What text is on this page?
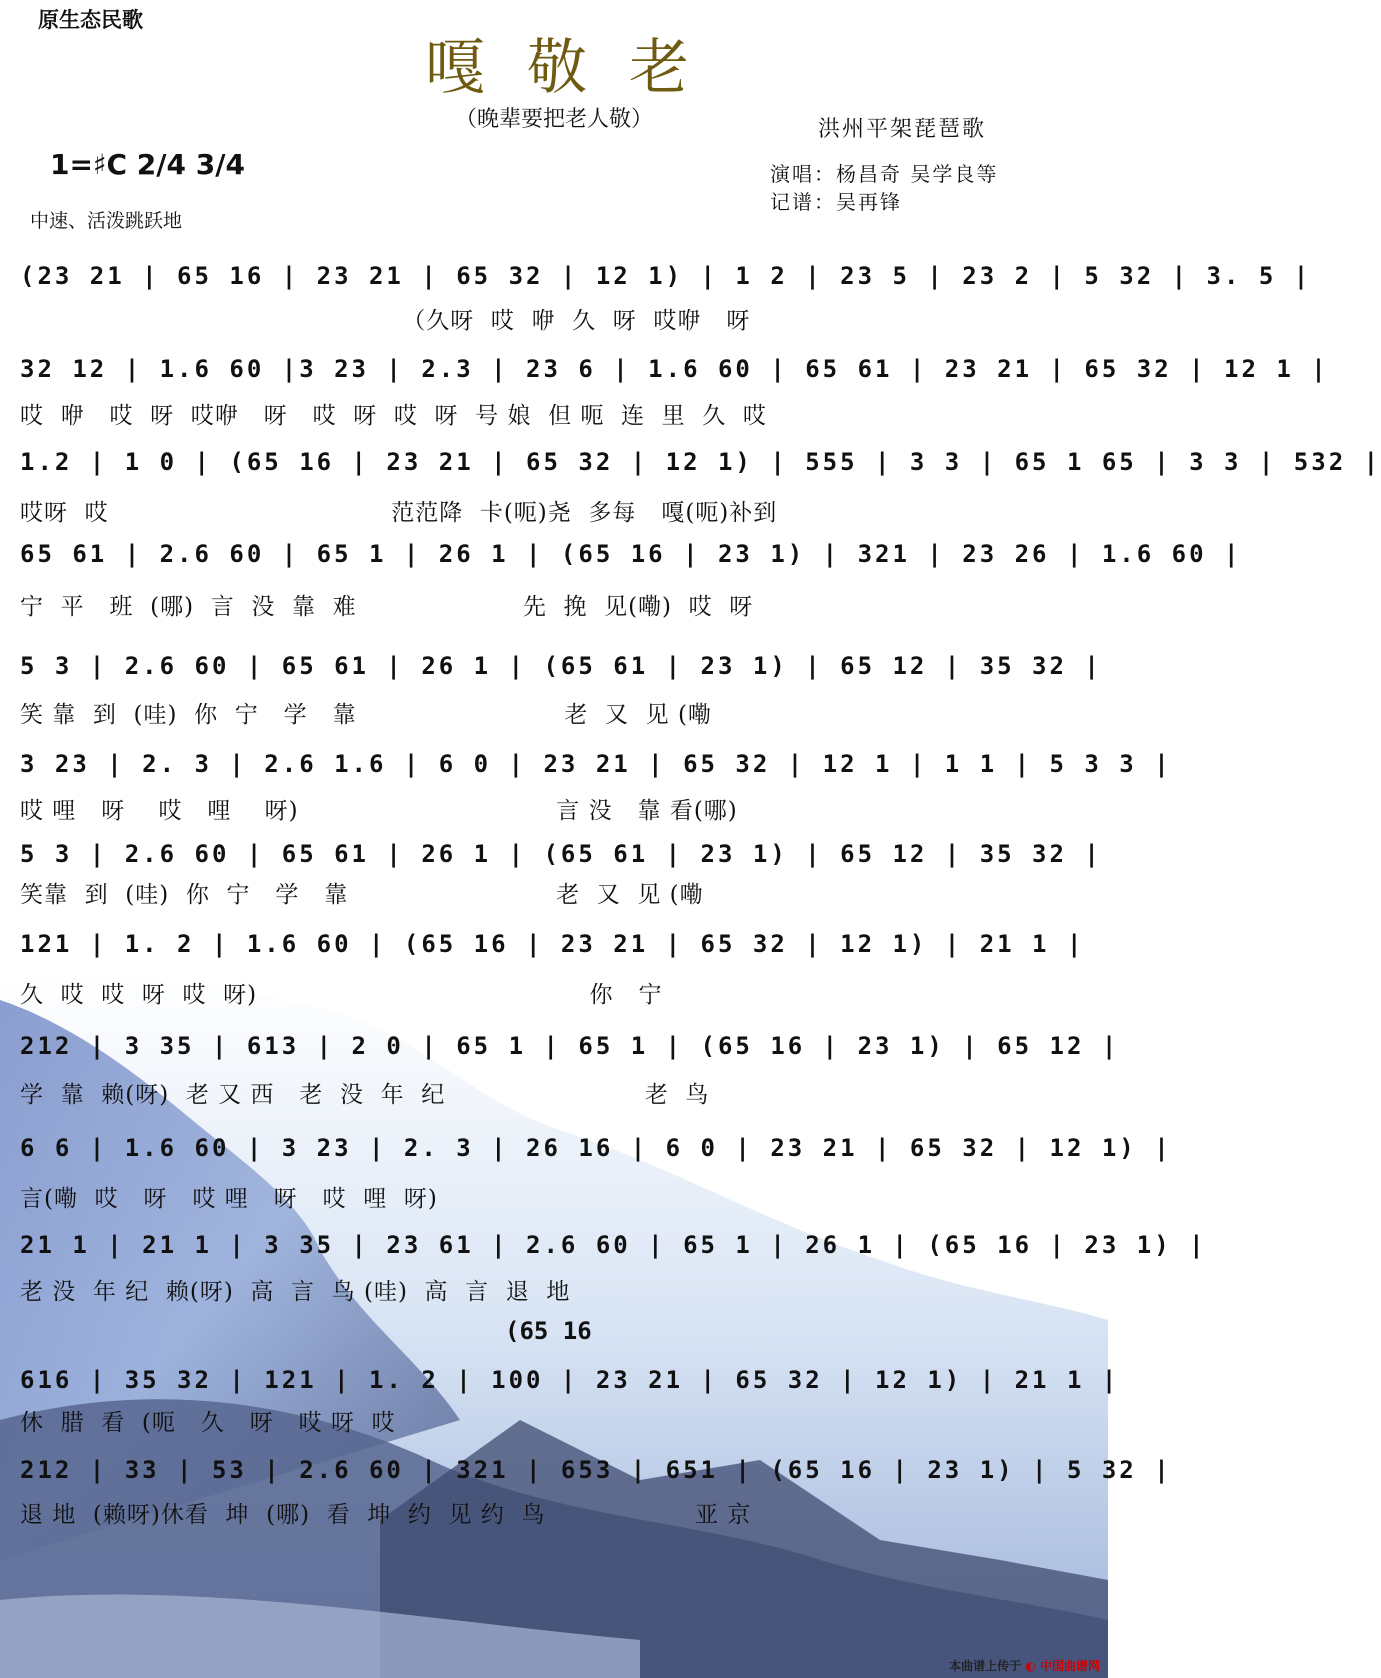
原生态民歌
嘎敬老
（晚辈要把老人敬）	洪州平架琵琶歌
1=♯C 2/4 3/4
中速、活泼跳跃地
演唱：杨昌奇 吴学良等
记谱：吴再锋
(23 21 | 65 16 | 23 21 | 65 32 | 12 1) | 1 2 | 23 5 | 23 2 | 5 32 | 3. 5 |
（久呀  哎  咿  久  呀  哎咿   呀
32 12 | 1.6 60 |3 23 | 2.3 | 23 6 | 1.6 60 | 65 61 | 23 21 | 65 32 | 12 1 |
哎  咿   哎  呀  哎咿   呀   哎  呀  哎  呀  号 娘  但 呃  连  里  久  哎
1.2 | 1 0 | (65 16 | 23 21 | 65 32 | 12 1) | 555 | 3 3 | 65 1 65 | 3 3 | 532 |
哎呀  哎                                  范范降  卡(呃)尧  多每   嘎(呃)补到
65 61 | 2.6 60 | 65 1 | 26 1 | (65 16 | 23 1) | 321 | 23 26 | 1.6 60 |
宁  平   班  (哪)  言  没  靠  难                    先  挽  见(嘞)  哎  呀
5 3 | 2.6 60 | 65 61 | 26 1 | (65 61 | 23 1) | 65 12 | 35 32 |
笑 靠  到  (哇)  你  宁   学   靠                         老  又  见 (嘞
3 23 | 2. 3 | 2.6 1.6 | 6 0 | 23 21 | 65 32 | 12 1 | 1 1 | 5 3 3 |
哎 哩   呀    哎   哩    呀)                               言 没   靠 看(哪)
5 3 | 2.6 60 | 65 61 | 26 1 | (65 61 | 23 1) | 65 12 | 35 32 |
笑靠  到  (哇)  你  宁   学   靠                         老  又  见 (嘞
121 | 1. 2 | 1.6 60 | (65 16 | 23 21 | 65 32 | 12 1) | 21 1 |
久  哎  哎  呀  哎  呀)                                        你   宁
212 | 3 35 | 613 | 2 0 | 65 1 | 65 1 | (65 16 | 23 1) | 65 12 |
学  靠  赖(呀)  老 又 西   老  没  年  纪                        老  鸟
6 6 | 1.6 60 | 3 23 | 2. 3 | 26 16 | 6 0 | 23 21 | 65 32 | 12 1) |
言(嘞  哎   呀   哎 哩   呀   哎  哩  呀)
21 1 | 21 1 | 3 35 | 23 61 | 2.6 60 | 65 1 | 26 1 | (65 16 | 23 1) |
老 没  年 纪  赖(呀)  高  言  鸟 (哇)  高  言  退  地
(65 16
616 | 35 32 | 121 | 1. 2 | 100 | 23 21 | 65 32 | 12 1) | 21 1 |
休  腊  看  (呃   久   呀   哎 呀  哎
212 | 33 | 53 | 2.6 60 | 321 | 653 | 651 | (65 16 | 23 1) | 5 32 |
退 地  (赖呀)休看  坤  (哪)  看  坤  约  见 约  鸟                  亚 京
本曲谱上传于 ◐ 中国曲谱网
